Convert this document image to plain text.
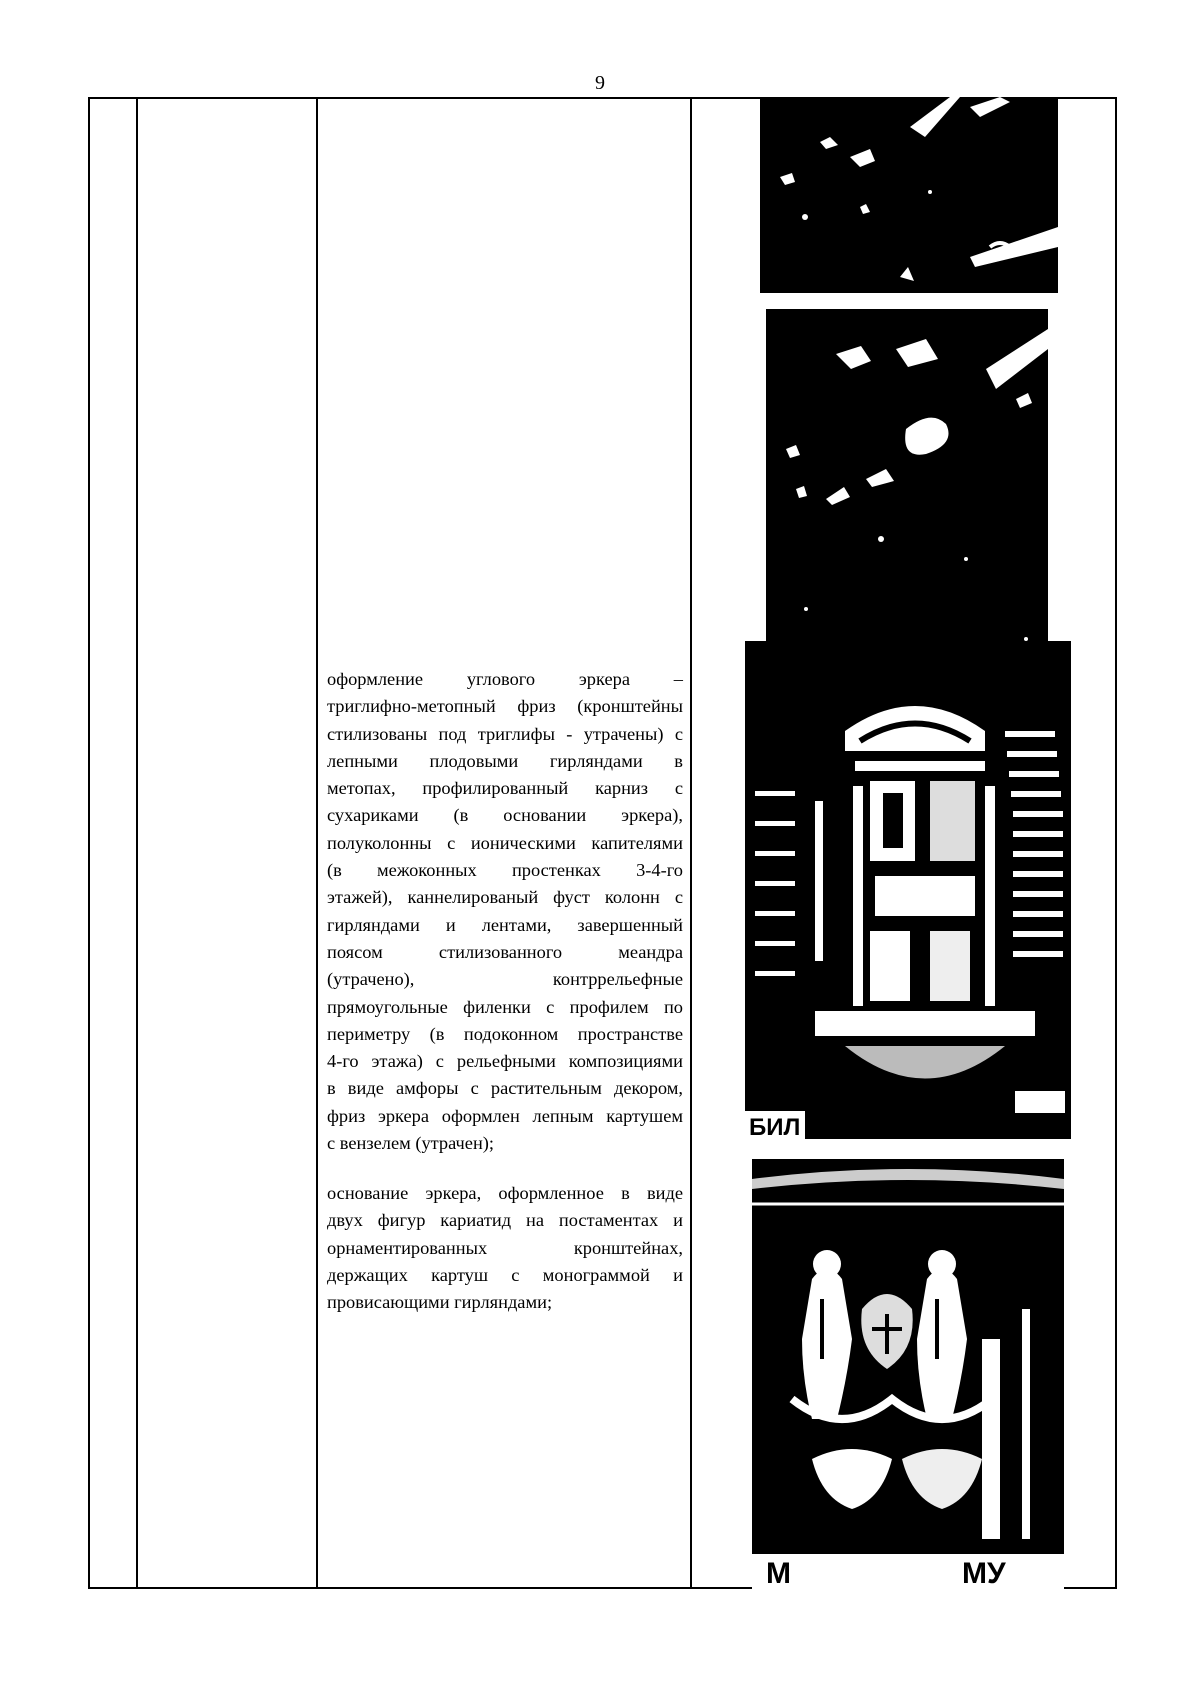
9
оформление углового эркера –
триглифно-метопный фриз (кронштейны
стилизованы под триглифы - утрачены) с
лепными плодовыми гирляндами в
метопах, профилированный карниз с
сухариками (в основании эркера),
полуколонны с ионическими капителями
(в межоконных простенках 3-4-го
этажей), каннелированый фуст колонн с
гирляндами и лентами, завершенный
поясом стилизованного меандра
(утрачено), контррельефные
прямоугольные филенки с профилем по
периметру (в подоконном пространстве
4-го этажа) с рельефными композициями
в виде амфоры с растительным декором,
фриз эркера оформлен лепным картушем
с вензелем (утрачен);
основание эркера, оформленное в виде
двух фигур кариатид на постаментах и
орнаментированных кронштейнах,
держащих картуш с монограммой и
провисающими гирляндами;
БИЛ
М	МУ
